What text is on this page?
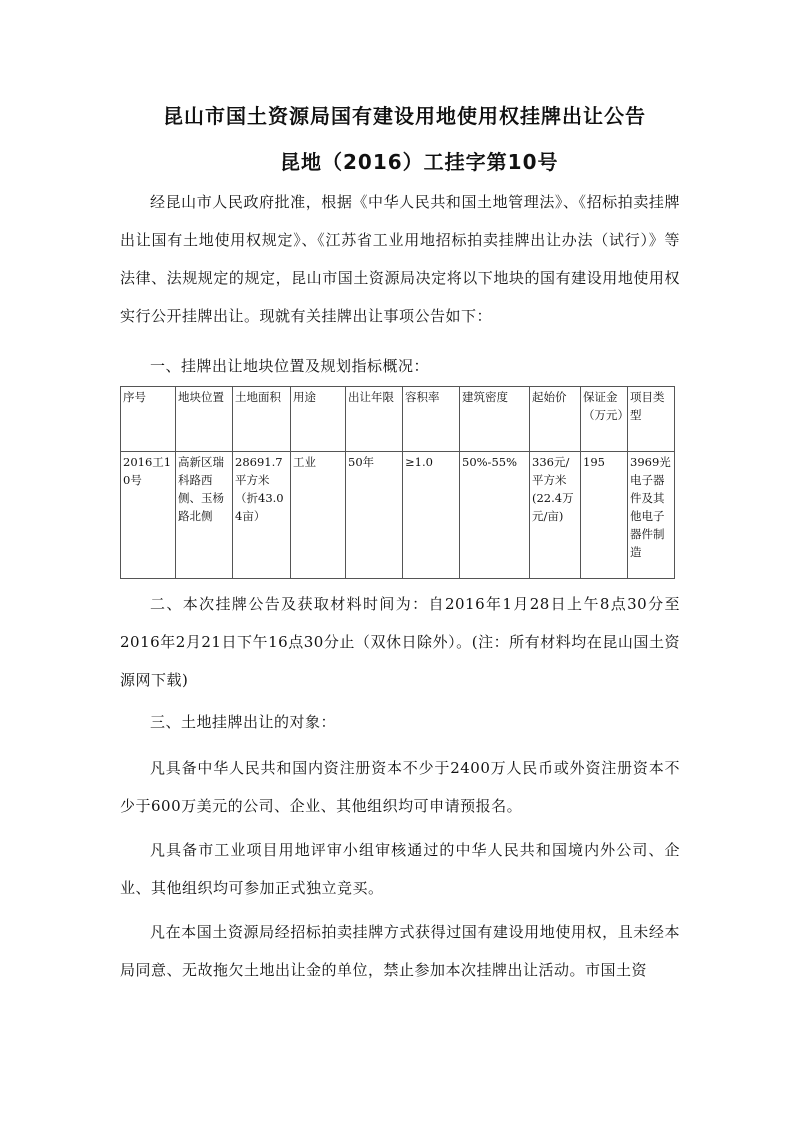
昆山市国土资源局国有建设用地使用权挂牌出让公告
昆地（2016）工挂字第10号

经昆山市人民政府批准，根据《中华人民共和国土地管理法》、《招标拍卖挂牌出让国有土地使用权规定》、《江苏省工业用地招标拍卖挂牌出让办法（试行）》等法律、法规规定的规定，昆山市国土资源局决定将以下地块的国有建设用地使用权实行公开挂牌出让。现就有关挂牌出让事项公告如下：

一、挂牌出让地块位置及规划指标概况：

序号	地块位置	土地面积	用途	出让年限	容积率	建筑密度	起始价	保证金（万元）	项目类型
2016工10号	高新区瑞科路西侧、玉杨路北侧	28691.7平方米（折43.04亩）	工业	50年	≥1.0	50%-55%	336元/平方米(22.4万元/亩)	195	3969光电子器件及其他电子器件制造

二、本次挂牌公告及获取材料时间为：自2016年1月28日上午8点30分至2016年2月21日下午16点30分止（双休日除外）。(注：所有材料均在昆山国土资源网下载)

三、土地挂牌出让的对象：

凡具备中华人民共和国内资注册资本不少于2400万人民币或外资注册资本不少于600万美元的公司、企业、其他组织均可申请预报名。

凡具备市工业项目用地评审小组审核通过的中华人民共和国境内外公司、企业、其他组织均可参加正式独立竞买。

凡在本国土资源局经招标拍卖挂牌方式获得过国有建设用地使用权，且未经本局同意、无故拖欠土地出让金的单位，禁止参加本次挂牌出让活动。市国土资
